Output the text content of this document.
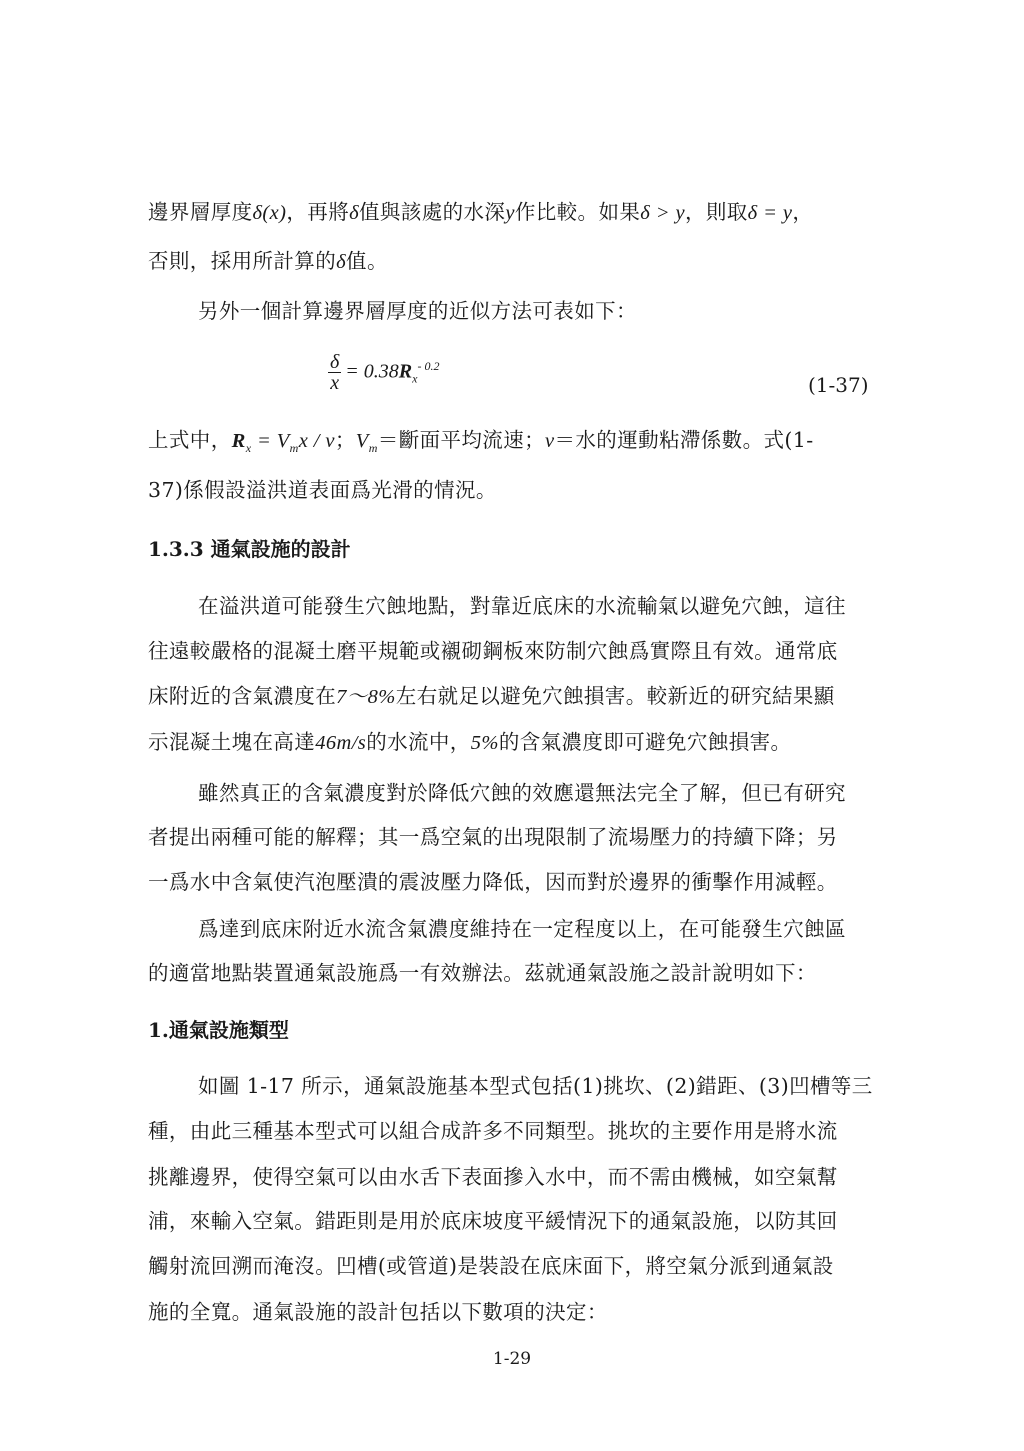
邊界層厚度δ(x)，再將δ值與該處的水深y作比較。如果δ > y，則取δ = y，
否則，採用所計算的δ值。
另外一個計算邊界層厚度的近似方法可表如下：
$\frac{\delta}{x} = 0.38R_x^{- 0.2}$
(1-37)
上式中，$R_x = V_mx / \nu$；$V_m=$斷面平均流速；ν＝水的運動粘滯係數。式(1-
37)係假設溢洪道表面爲光滑的情況。
1.3.3 通氣設施的設計
在溢洪道可能發生穴蝕地點，對靠近底床的水流輸氣以避免穴蝕，這往
往遠較嚴格的混凝土磨平規範或襯砌鋼板來防制穴蝕爲實際且有效。通常底
床附近的含氣濃度在7～8%左右就足以避免穴蝕損害。較新近的研究結果顯
示混凝土塊在高達46m/s的水流中，5%的含氣濃度即可避免穴蝕損害。
雖然真正的含氣濃度對於降低穴蝕的效應還無法完全了解，但已有研究
者提出兩種可能的解釋；其一爲空氣的出現限制了流場壓力的持續下降；另
一爲水中含氣使汽泡壓潰的震波壓力降低，因而對於邊界的衝擊作用減輕。
爲達到底床附近水流含氣濃度維持在一定程度以上，在可能發生穴蝕區
的適當地點裝置通氣設施爲一有效辦法。茲就通氣設施之設計說明如下：
1.通氣設施類型
如圖 1-17 所示，通氣設施基本型式包括(1)挑坎、(2)錯距、(3)凹槽等三
種，由此三種基本型式可以組合成許多不同類型。挑坎的主要作用是將水流
挑離邊界，使得空氣可以由水舌下表面摻入水中，而不需由機械，如空氣幫
浦，來輸入空氣。錯距則是用於底床坡度平緩情況下的通氣設施，以防其回
觸射流回溯而淹沒。凹槽(或管道)是裝設在底床面下，將空氣分派到通氣設
施的全寬。通氣設施的設計包括以下數項的決定：
1-29
